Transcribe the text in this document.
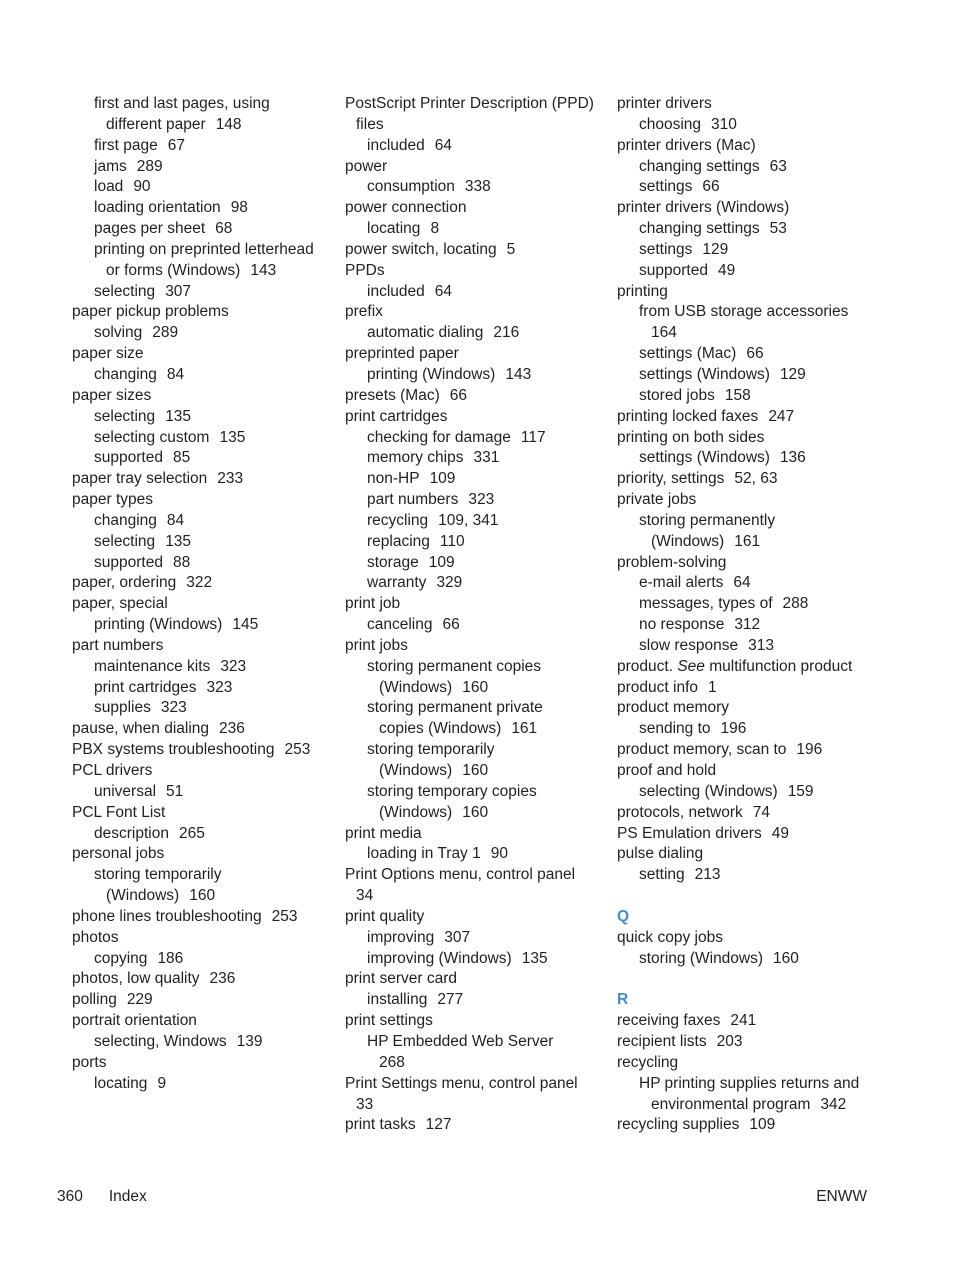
first and last pages, using
different paper 148
first page 67
jams 289
load 90
loading orientation 98
pages per sheet 68
printing on preprinted letterhead
or forms (Windows) 143
selecting 307
paper pickup problems
solving 289
paper size
changing 84
paper sizes
selecting 135
selecting custom 135
supported 85
paper tray selection 233
paper types
changing 84
selecting 135
supported 88
paper, ordering 322
paper, special
printing (Windows) 145
part numbers
maintenance kits 323
print cartridges 323
supplies 323
pause, when dialing 236
PBX systems troubleshooting 253
PCL drivers
universal 51
PCL Font List
description 265
personal jobs
storing temporarily
(Windows) 160
phone lines troubleshooting 253
photos
copying 186
photos, low quality 236
polling 229
portrait orientation
selecting, Windows 139
ports
locating 9
PostScript Printer Description (PPD)
files
included 64
power
consumption 338
power connection
locating 8
power switch, locating 5
PPDs
included 64
prefix
automatic dialing 216
preprinted paper
printing (Windows) 143
presets (Mac) 66
print cartridges
checking for damage 117
memory chips 331
non-HP 109
part numbers 323
recycling 109, 341
replacing 110
storage 109
warranty 329
print job
canceling 66
print jobs
storing permanent copies
(Windows) 160
storing permanent private
copies (Windows) 161
storing temporarily
(Windows) 160
storing temporary copies
(Windows) 160
print media
loading in Tray 1 90
Print Options menu, control panel
34
print quality
improving 307
improving (Windows) 135
print server card
installing 277
print settings
HP Embedded Web Server
268
Print Settings menu, control panel
33
print tasks 127
printer drivers
choosing 310
printer drivers (Mac)
changing settings 63
settings 66
printer drivers (Windows)
changing settings 53
settings 129
supported 49
printing
from USB storage accessories
164
settings (Mac) 66
settings (Windows) 129
stored jobs 158
printing locked faxes 247
printing on both sides
settings (Windows) 136
priority, settings 52, 63
private jobs
storing permanently
(Windows) 161
problem-solving
e-mail alerts 64
messages, types of 288
no response 312
slow response 313
product. See multifunction product
product info 1
product memory
sending to 196
product memory, scan to 196
proof and hold
selecting (Windows) 159
protocols, network 74
PS Emulation drivers 49
pulse dialing
setting 213
Q
quick copy jobs
storing (Windows) 160
R
receiving faxes 241
recipient lists 203
recycling
HP printing supplies returns and
environmental program 342
recycling supplies 109
360 Index	ENWW
